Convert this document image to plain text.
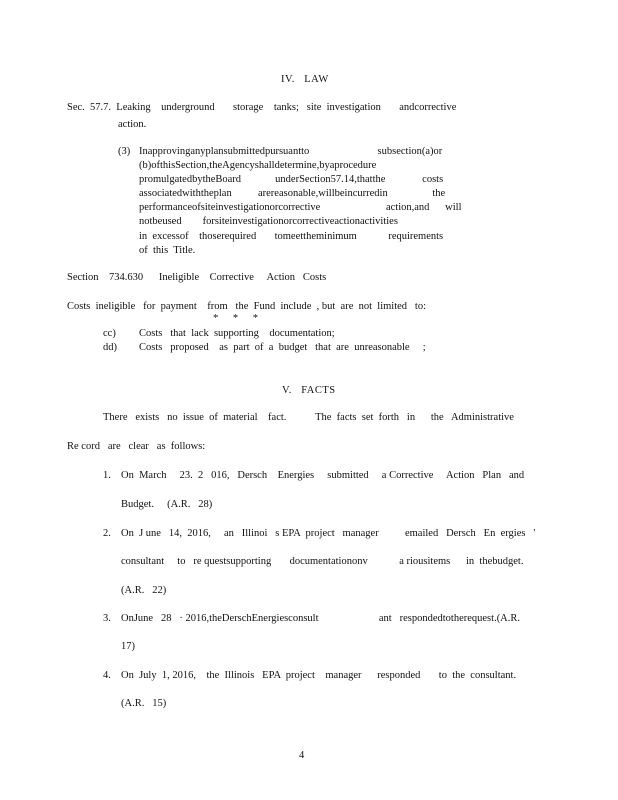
IV.   LAW
Sec.  57.7.  Leaking    underground       storage    tanks;   site  investigation       andcorrective
action.
(3) Inapprovinganyplansubmittedpursuantto                          subsection(a)or
(b)ofthisSection,theAgencyshalldetermine,byaprocedure
promulgatedbytheBoard             underSection57.14,thatthe              costs
associatedwiththeplan          arereasonable,willbeincurredin                 the
performanceofsiteinvestigationorcorrective                         action,and      will
notbeused        forsiteinvestigationorcorrectiveactionactivities
in  excessof    thoserequired       tomeettheminimum            requirements
of  this  Title.
Section    734.630      Ineligible    Corrective     Action   Costs
Costs  ineligible   for  payment    from   the  Fund  include  , but  are  not  limited   to:
* * *
cc) Costs   that  lack  supporting    documentation;
dd) Costs   proposed    as  part  of  a  budget   that  are  unreasonable     ;
V.   FACTS
There   exists   no  issue  of  material    fact.           The  facts  set  forth   in      the   Administrative
Re cord   are   clear   as  follows:
1. On  March     23.  2   016,   Dersch    Energies     submitted     a Corrective     Action   Plan   and
Budget.     (A.R.   28)
2. On  J une   14,  2016,     an   Illinoi   s EPA  project   manager          emailed   Dersch   En  ergies   '
consultant     to   re questsupporting       documentationonv            a riousitems      in  thebudget.
(A.R.   22)
3. OnJune   28   · 2016,theDerschEnergiesconsult                       ant   respondedtotherequest.(A.R.
17)
4. On  July  1, 2016,    the  Illinois   EPA  project    manager      responded       to  the  consultant.
(A.R.   15)
4
